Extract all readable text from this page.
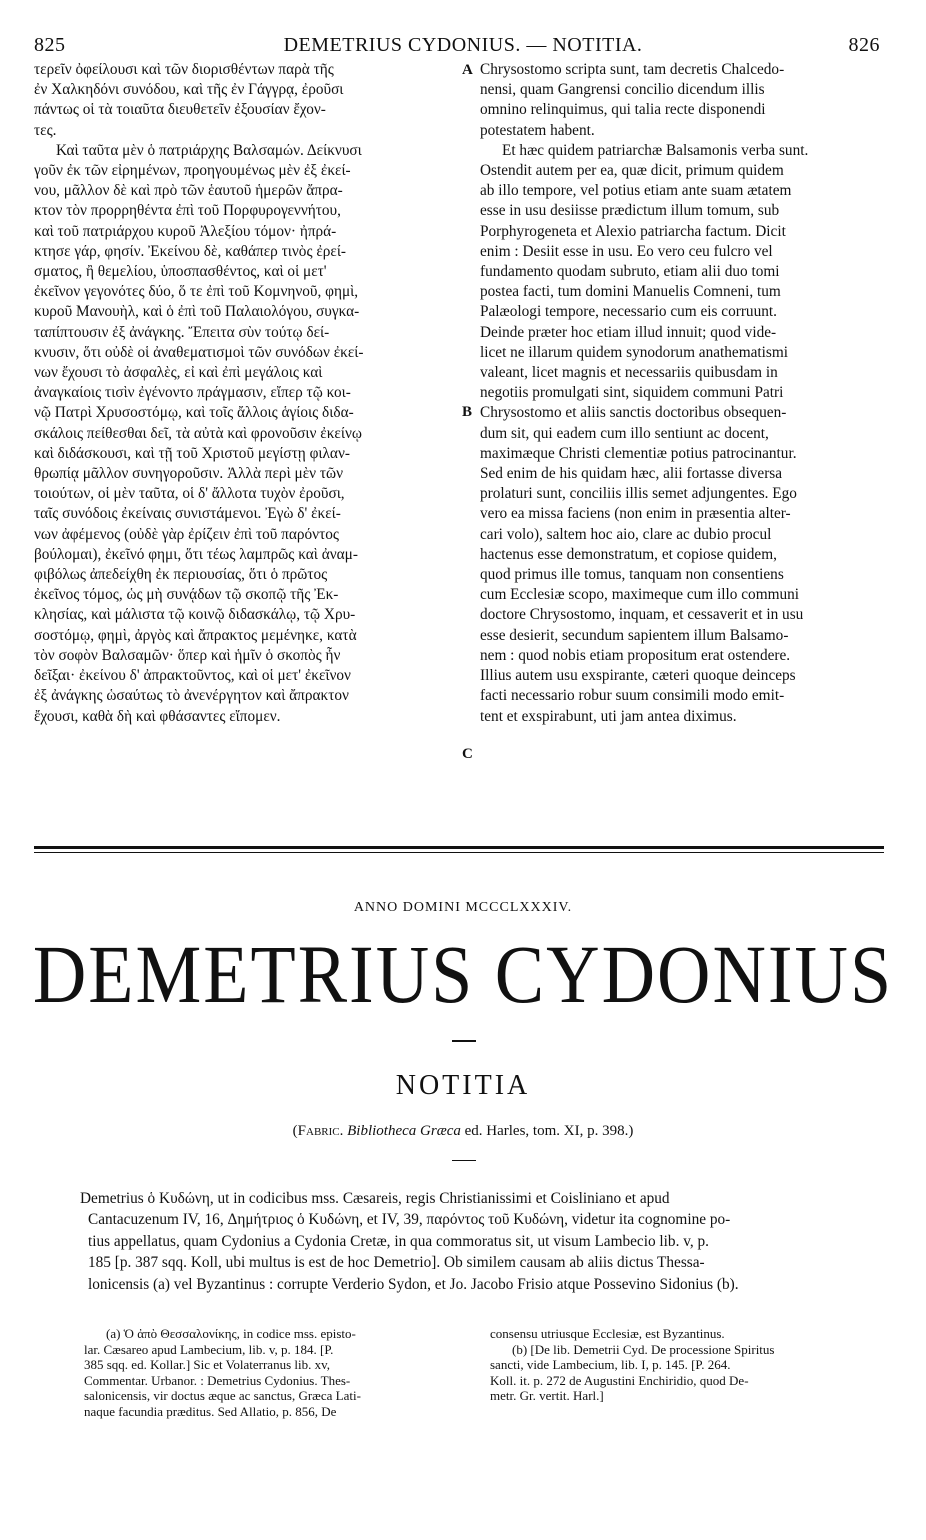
825	DEMETRIUS CYDONIUS. — NOTITIA.	826
τερεῖν ὀφείλουσι καὶ τῶν διορισθέντων παρὰ τῆς
ἐν Χαλκηδόνι συνόδου, καὶ τῆς ἐν Γάγγρᾳ, ἐροῦσι
πάντως οἱ τὰ τοιαῦτα διευθετεῖν ἐξουσίαν ἔχον-
τες.
Καὶ ταῦτα μὲν ὁ πατριάρχης Βαλσαμών. Δείκνυσι
γοῦν ἐκ τῶν εἰρημένων, προηγουμένως μὲν ἐξ ἐκεί-
νου, μᾶλλον δὲ καὶ πρὸ τῶν ἑαυτοῦ ἡμερῶν ἄπρα-
κτον τὸν προρρηθέντα ἐπὶ τοῦ Πορφυρογεννήτου,
καὶ τοῦ πατριάρχου κυροῦ Ἀλεξίου τόμον· ἠπρά-
κτησε γάρ, φησίν. Ἐκείνου δὲ, καθάπερ τινὸς ἐρεί-
σματος, ἢ θεμελίου, ὑποσπασθέντος, καὶ οἱ μετ'
ἐκεῖνον γεγονότες δύο, ὅ τε ἐπὶ τοῦ Κομνηνοῦ, φημὶ,
κυροῦ Μανουὴλ, καὶ ὁ ἐπὶ τοῦ Παλαιολόγου, συγκα-
ταπίπτουσιν ἐξ ἀνάγκης. Ἔπειτα σὺν τούτῳ δεί-
κνυσιν, ὅτι οὐδὲ οἱ ἀναθεματισμοὶ τῶν συνόδων ἐκεί-
νων ἔχουσι τὸ ἀσφαλὲς, εἰ καὶ ἐπὶ μεγάλοις καὶ
ἀναγκαίοις τισὶν ἐγένοντο πράγμασιν, εἴπερ τῷ κοι-
νῷ Πατρὶ Χρυσοστόμῳ, καὶ τοῖς ἄλλοις ἁγίοις διδα-
σκάλοις πείθεσθαι δεῖ, τὰ αὐτὰ καὶ φρονοῦσιν ἐκείνῳ
καὶ διδάσκουσι, καὶ τῇ τοῦ Χριστοῦ μεγίστῃ φιλαν-
θρωπίᾳ μᾶλλον συνηγοροῦσιν. Ἀλλὰ περὶ μὲν τῶν
τοιούτων, οἱ μὲν ταῦτα, οἱ δ' ἄλλοτα τυχὸν ἐροῦσι,
ταῖς συνόδοις ἐκείναις συνιστάμενοι. Ἐγὼ δ' ἐκεί-
νων ἀφέμενος (οὐδὲ γὰρ ἐρίζειν ἐπὶ τοῦ παρόντος
βούλομαι), ἐκεῖνό φημι, ὅτι τέως λαμπρῶς καὶ ἀναμ-
φιβόλως ἀπεδείχθη ἐκ περιουσίας, ὅτι ὁ πρῶτος
ἐκεῖνος τόμος, ὡς μὴ συνᾴδων τῷ σκοπῷ τῆς Ἐκ-
κλησίας, καὶ μάλιστα τῷ κοινῷ διδασκάλῳ, τῷ Χρυ-
σοστόμῳ, φημὶ, ἀργὸς καὶ ἄπρακτος μεμένηκε, κατὰ
τὸν σοφὸν Βαλσαμῶν· ὅπερ καὶ ἡμῖν ὁ σκοπὸς ἦν
δεῖξαι· ἐκείνου δ' ἀπρακτοῦντος, καὶ οἱ μετ' ἐκεῖνον
ἐξ ἀνάγκης ὡσαύτως τὸ ἀνενέργητον καὶ ἄπρακτον
ἔχουσι, καθὰ δὴ καὶ φθάσαντες εἴπομεν.
Chrysostomo scripta sunt, tam decretis Chalcedo-
nensi, quam Gangrensi concilio dicendum illis
omnino relinquimus, qui talia recte disponendi
potestatem habent.
Et hæc quidem patriarchæ Balsamonis verba sunt.
Ostendit autem per ea, quæ dicit, primum quidem
ab illo tempore, vel potius etiam ante suam ætatem
esse in usu desiisse prædictum illum tomum, sub
Porphyrogeneta et Alexio patriarcha factum. Dicit
enim : Desiit esse in usu. Eo vero ceu fulcro vel
fundamento quodam subruto, etiam alii duo tomi
postea facti, tum domini Manuelis Comneni, tum
Palæologi tempore, necessario cum eis corruunt.
Deinde præter hoc etiam illud innuit; quod vide-
licet ne illarum quidem synodorum anathematismi
valeant, licet magnis et necessariis quibusdam in
negotiis promulgati sint, siquidem communi Patri
Chrysostomo et aliis sanctis doctoribus obsequen-
dum sit, qui eadem cum illo sentiunt ac docent,
maximæque Christi clementiæ potius patrocinantur.
Sed enim de his quidam hæc, alii fortasse diversa
prolaturi sunt, conciliis illis semet adjungentes. Ego
vero ea missa faciens (non enim in præsentia alter-
cari volo), saltem hoc aio, clare ac dubio procul
hactenus esse demonstratum, et copiose quidem,
quod primus ille tomus, tanquam non consentiens
cum Ecclesiæ scopo, maximeque cum illo communi
doctore Chrysostomo, inquam, et cessaverit et in usu
esse desierit, secundum sapientem illum Balsamo-
nem : quod nobis etiam propositum erat ostendere.
Illius autem usu exspirante, cæteri quoque deinceps
facti necessario robur suum consimili modo emit-
tent et exspirabunt, uti jam antea diximus.
A
B
C
ANNO DOMINI MCCCLXXXIV.
DEMETRIUS CYDONIUS
NOTITIA
(Fabric. Bibliotheca Græca ed. Harles, tom. XI, p. 398.)
Demetrius ὁ Κυδώνη, ut in codicibus mss. Cæsareis, regis Christianissimi et Coisliniano et apud
Cantacuzenum IV, 16, Δημήτριος ὁ Κυδώνη, et IV, 39, παρόντος τοῦ Κυδώνη, videtur ita cognomine po-
tius appellatus, quam Cydonius a Cydonia Cretæ, in qua commoratus sit, ut visum Lambecio lib. v, p.
185 [p. 387 sqq. Koll, ubi multus is est de hoc Demetrio]. Ob similem causam ab aliis dictus Thessa-
lonicensis (a) vel Byzantinus : corrupte Verderio Sydon, et Jo. Jacobo Frisio atque Possevino Sidonius (b).
(a) Ὁ ἀπὸ Θεσσαλονίκης, in codice mss. episto-
lar. Cæsareo apud Lambecium, lib. v, p. 184. [P.
385 sqq. ed. Kollar.] Sic et Volaterranus lib. xv,
Commentar. Urbanor. : Demetrius Cydonius. Thes-
salonicensis, vir doctus æque ac sanctus, Græca Lati-
naque facundia præditus. Sed Allatio, p. 856, De
consensu utriusque Ecclesiæ, est Byzantinus.
(b) [De lib. Demetrii Cyd. De processione Spiritus
sancti, vide Lambecium, lib. I, p. 145. [P. 264.
Koll. it. p. 272 de Augustini Enchiridio, quod De-
metr. Gr. vertit. Harl.]
